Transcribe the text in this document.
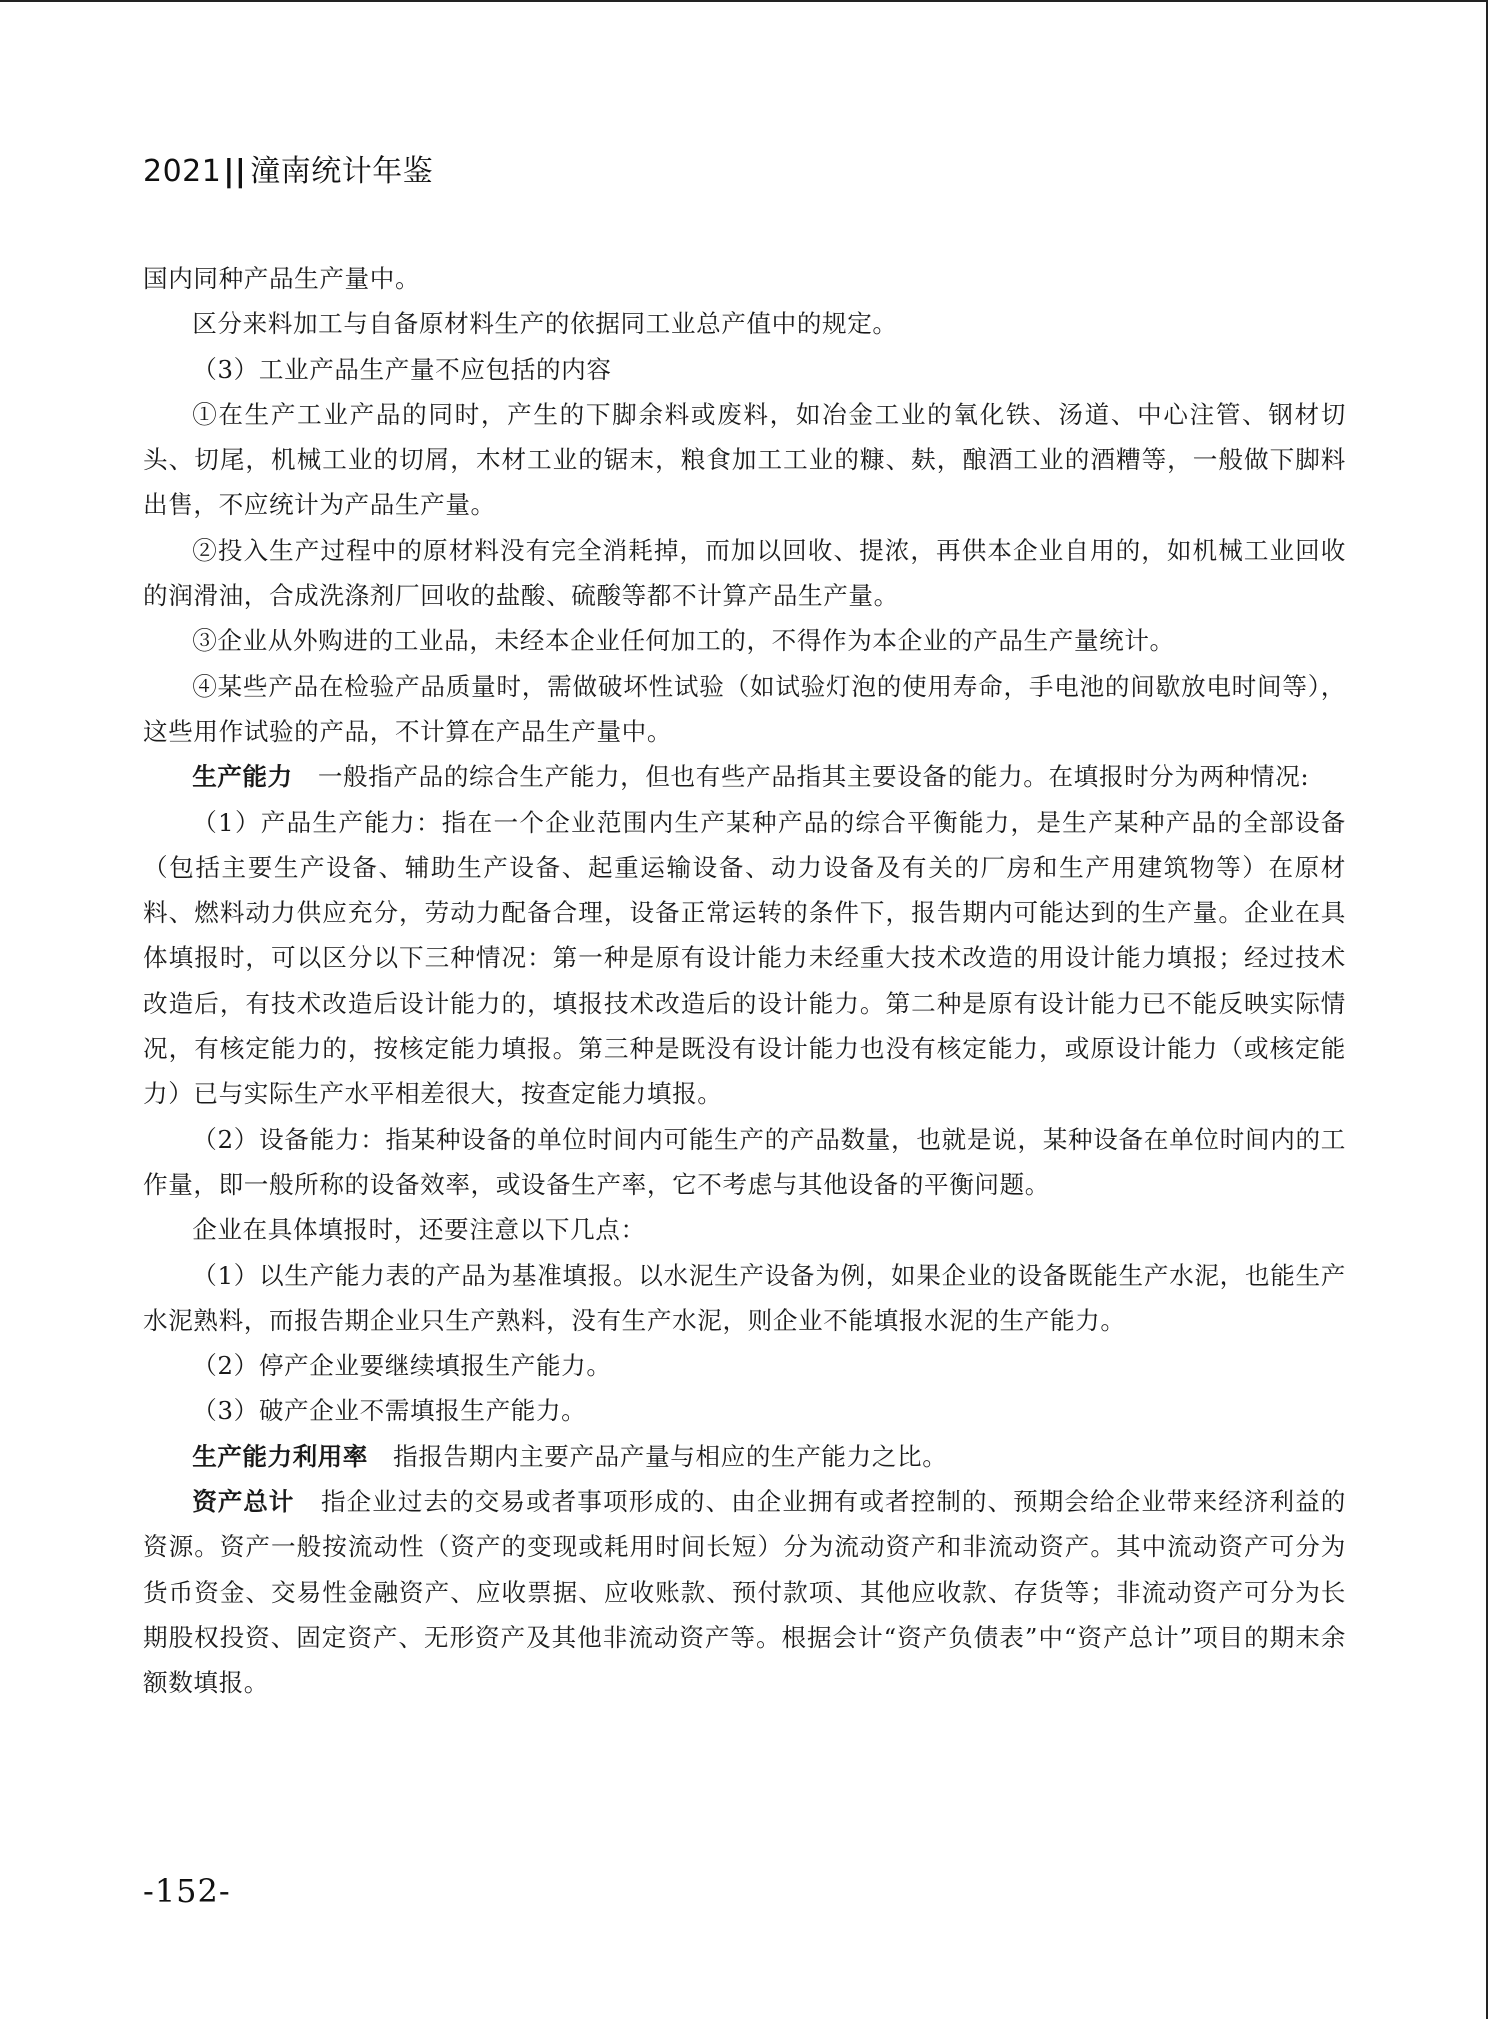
2021|| 潼南统计年鉴

国内同种产品生产量中。

区分来料加工与自备原材料生产的依据同工业总产值中的规定。

（3）工业产品生产量不应包括的内容

①在生产工业产品的同时，产生的下脚余料或废料，如冶金工业的氧化铁、汤道、中心注管、钢材切头、切尾，机械工业的切屑，木材工业的锯末，粮食加工工业的糠、麸，酿酒工业的酒糟等，一般做下脚料出售，不应统计为产品生产量。

②投入生产过程中的原材料没有完全消耗掉，而加以回收、提浓，再供本企业自用的，如机械工业回收的润滑油，合成洗涤剂厂回收的盐酸、硫酸等都不计算产品生产量。

③企业从外购进的工业品，未经本企业任何加工的，不得作为本企业的产品生产量统计。

④某些产品在检验产品质量时，需做破坏性试验（如试验灯泡的使用寿命，手电池的间歇放电时间等），这些用作试验的产品，不计算在产品生产量中。

生产能力 一般指产品的综合生产能力，但也有些产品指其主要设备的能力。在填报时分为两种情况:

（1）产品生产能力：指在一个企业范围内生产某种产品的综合平衡能力，是生产某种产品的全部设备（包括主要生产设备、辅助生产设备、起重运输设备、动力设备及有关的厂房和生产用建筑物等）在原材料、燃料动力供应充分，劳动力配备合理，设备正常运转的条件下，报告期内可能达到的生产量。企业在具体填报时，可以区分以下三种情况：第一种是原有设计能力未经重大技术改造的用设计能力填报；经过技术改造后，有技术改造后设计能力的，填报技术改造后的设计能力。第二种是原有设计能力已不能反映实际情况，有核定能力的，按核定能力填报。第三种是既没有设计能力也没有核定能力，或原设计能力（或核定能力）已与实际生产水平相差很大，按查定能力填报。

（2）设备能力：指某种设备的单位时间内可能生产的产品数量，也就是说，某种设备在单位时间内的工作量，即一般所称的设备效率，或设备生产率，它不考虑与其他设备的平衡问题。

企业在具体填报时，还要注意以下几点：

（1）以生产能力表的产品为基准填报。以水泥生产设备为例，如果企业的设备既能生产水泥，也能生产水泥熟料，而报告期企业只生产熟料，没有生产水泥，则企业不能填报水泥的生产能力。

（2）停产企业要继续填报生产能力。

（3）破产企业不需填报生产能力。

生产能力利用率 指报告期内主要产品产量与相应的生产能力之比。

资产总计 指企业过去的交易或者事项形成的、由企业拥有或者控制的、预期会给企业带来经济利益的资源。资产一般按流动性（资产的变现或耗用时间长短）分为流动资产和非流动资产。其中流动资产可分为货币资金、交易性金融资产、应收票据、应收账款、预付款项、其他应收款、存货等；非流动资产可分为长期股权投资、固定资产、无形资产及其他非流动资产等。根据会计“资产负债表”中“资产总计”项目的期末余额数填报。

-152-
